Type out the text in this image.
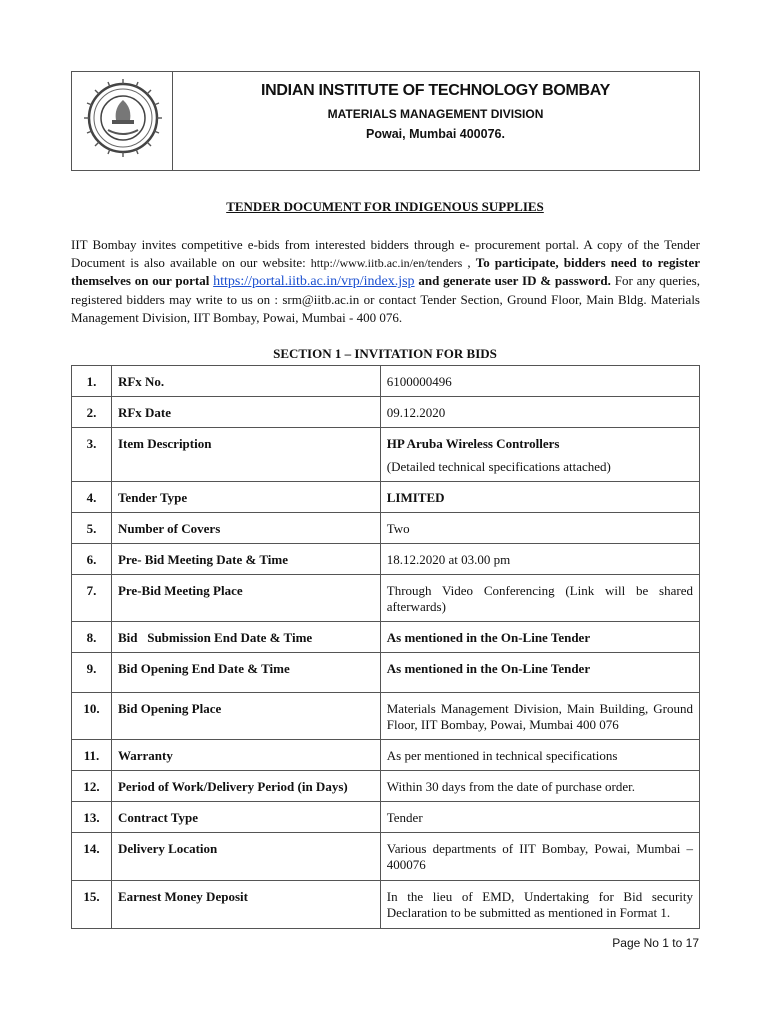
INDIAN INSTITUTE OF TECHNOLOGY BOMBAY
MATERIALS MANAGEMENT DIVISION
Powai, Mumbai 400076.
TENDER DOCUMENT FOR INDIGENOUS SUPPLIES
IIT Bombay invites competitive e-bids from interested bidders through e- procurement portal. A copy of the Tender Document is also available on our website: http://www.iitb.ac.in/en/tenders , To participate, bidders need to register themselves on our portal https://portal.iitb.ac.in/vrp/index.jsp and generate user ID & password. For any queries, registered bidders may write to us on : srm@iitb.ac.in or contact Tender Section, Ground Floor, Main Bldg. Materials Management Division, IIT Bombay, Powai, Mumbai - 400 076.
SECTION 1 – INVITATION FOR BIDS
1.	RFx No.	6100000496
2.	RFx Date	09.12.2020
3.	Item Description	HP Aruba Wireless Controllers
(Detailed technical specifications attached)

4.	Tender Type	LIMITED
5.	Number of Covers	Two
6.	Pre- Bid Meeting Date & Time	18.12.2020 at 03.00 pm
7.	Pre-Bid Meeting Place	Through Video Conferencing (Link will be shared afterwards)
8.	Bid   Submission End Date & Time	As mentioned in the On-Line Tender
9.	Bid Opening End Date & Time	As mentioned in the On-Line Tender
10.	Bid Opening Place	Materials Management Division, Main Building, Ground Floor, IIT Bombay, Powai, Mumbai 400 076
11.	Warranty	As per mentioned in technical specifications
12.	Period of Work/Delivery Period (in Days)	Within 30 days from the date of purchase order.
13.	Contract Type	Tender
14.	Delivery Location	Various departments of IIT Bombay, Powai, Mumbai – 400076
15.	Earnest Money Deposit	In the lieu of EMD, Undertaking for Bid security Declaration to be submitted as mentioned in Format 1.
Page No 1 to 17
